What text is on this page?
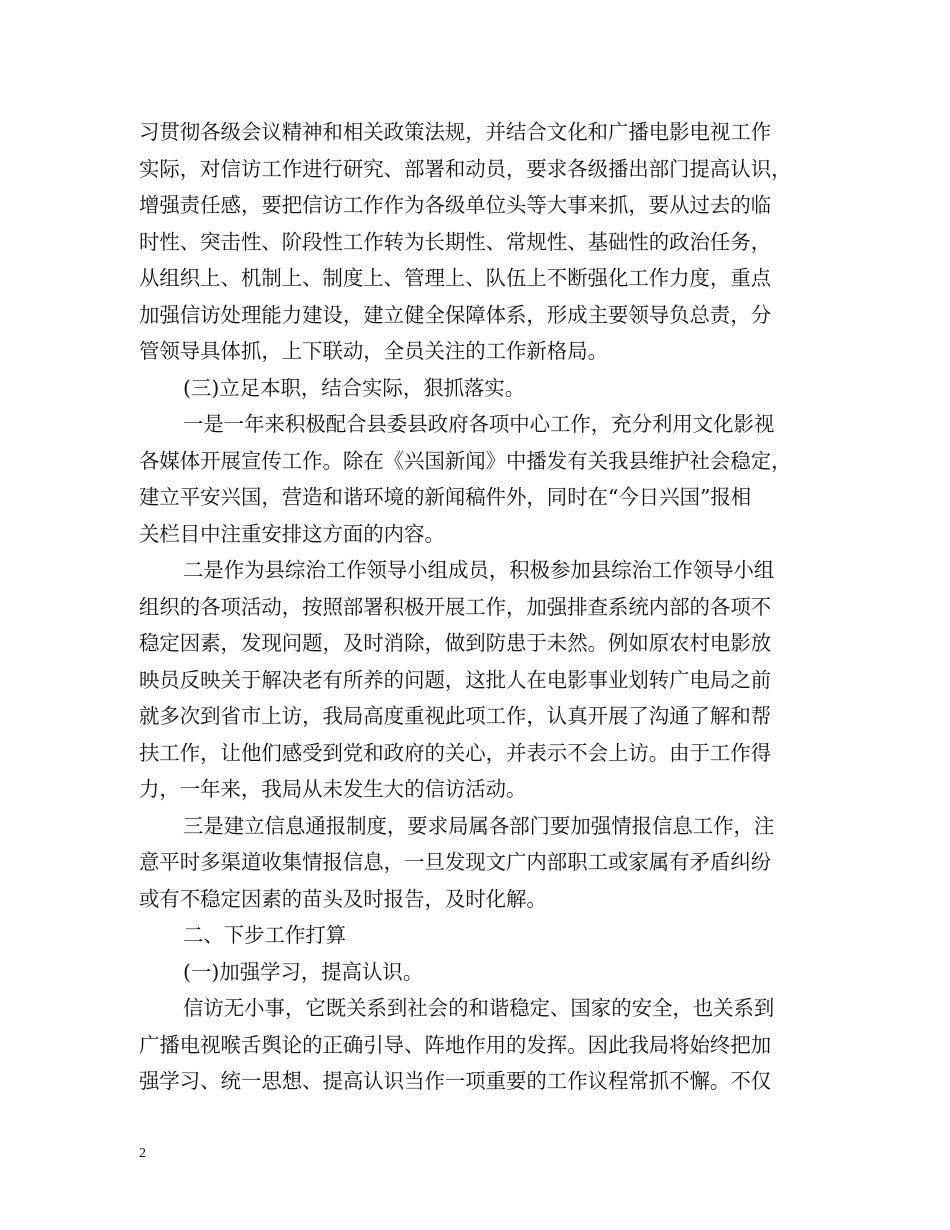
习贯彻各级会议精神和相关政策法规，并结合文化和广播电影电视工作
实际，对信访工作进行研究、部署和动员，要求各级播出部门提高认识，
增强责任感，要把信访工作作为各级单位头等大事来抓，要从过去的临
时性、突击性、阶段性工作转为长期性、常规性、基础性的政治任务，
从组织上、机制上、制度上、管理上、队伍上不断强化工作力度，重点
加强信访处理能力建设，建立健全保障体系，形成主要领导负总责，分
管领导具体抓，上下联动，全员关注的工作新格局。
(三)立足本职，结合实际，狠抓落实。
一是一年来积极配合县委县政府各项中心工作，充分利用文化影视
各媒体开展宣传工作。除在《兴国新闻》中播发有关我县维护社会稳定，
建立平安兴国，营造和谐环境的新闻稿件外，同时在“今日兴国”报相
关栏目中注重安排这方面的内容。
二是作为县综治工作领导小组成员，积极参加县综治工作领导小组
组织的各项活动，按照部署积极开展工作，加强排查系统内部的各项不
稳定因素，发现问题，及时消除，做到防患于未然。例如原农村电影放
映员反映关于解决老有所养的问题，这批人在电影事业划转广电局之前
就多次到省市上访，我局高度重视此项工作，认真开展了沟通了解和帮
扶工作，让他们感受到党和政府的关心，并表示不会上访。由于工作得
力，一年来，我局从未发生大的信访活动。
三是建立信息通报制度，要求局属各部门要加强情报信息工作，注
意平时多渠道收集情报信息，一旦发现文广内部职工或家属有矛盾纠纷
或有不稳定因素的苗头及时报告，及时化解。
二、下步工作打算
(一)加强学习，提高认识。
信访无小事，它既关系到社会的和谐稳定、国家的安全，也关系到
广播电视喉舌舆论的正确引导、阵地作用的发挥。因此我局将始终把加
强学习、统一思想、提高认识当作一项重要的工作议程常抓不懈。不仅
2
